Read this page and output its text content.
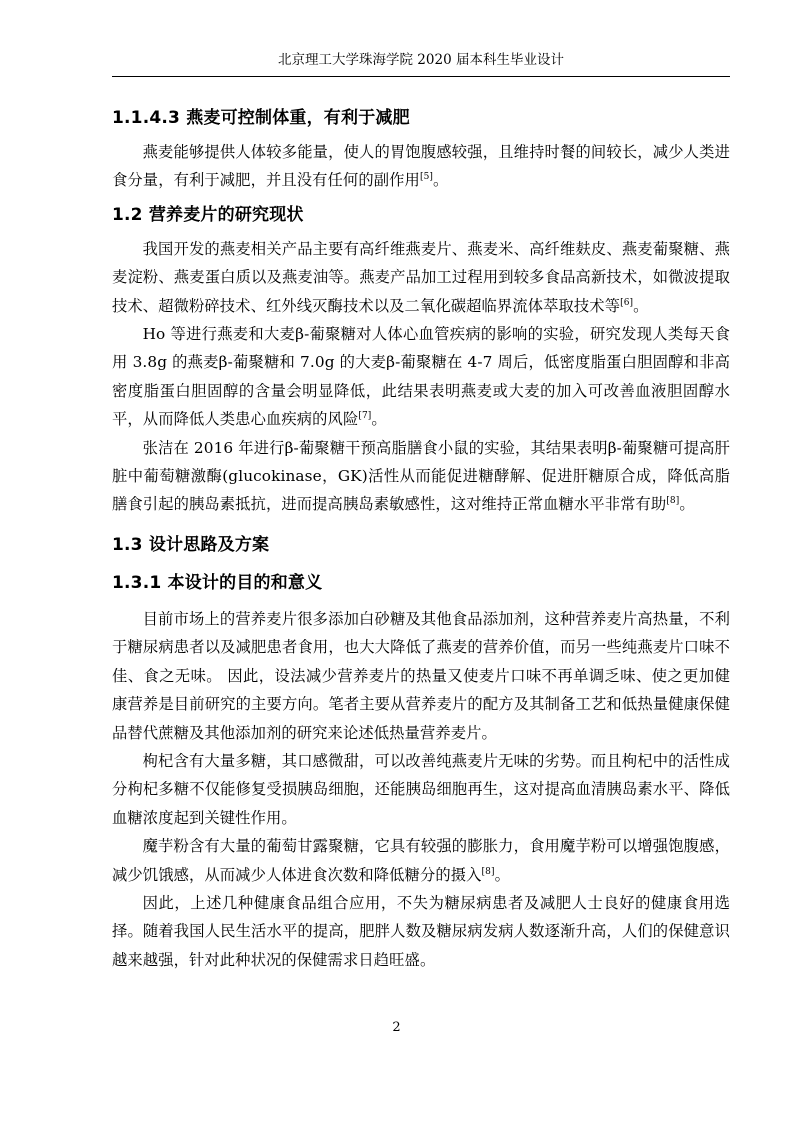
北京理工大学珠海学院 2020 届本科生毕业设计
1.1.4.3 燕麦可控制体重，有利于减肥

燕麦能够提供人体较多能量，使人的胃饱腹感较强，且维持时餐的间较长，减少人类进食分量，有利于减肥，并且没有任何的副作用[5]。

1.2 营养麦片的研究现状

我国开发的燕麦相关产品主要有高纤维燕麦片、燕麦米、高纤维麸皮、燕麦葡聚糖、燕麦淀粉、燕麦蛋白质以及燕麦油等。燕麦产品加工过程用到较多食品高新技术，如微波提取技术、超微粉碎技术、红外线灭酶技术以及二氧化碳超临界流体萃取技术等[6]。

Ho 等进行燕麦和大麦β-葡聚糖对人体心血管疾病的影响的实验，研究发现人类每天食用 3.8g 的燕麦β-葡聚糖和 7.0g 的大麦β-葡聚糖在 4-7 周后，低密度脂蛋白胆固醇和非高密度脂蛋白胆固醇的含量会明显降低，此结果表明燕麦或大麦的加入可改善血液胆固醇水平，从而降低人类患心血疾病的风险[7]。

张洁在 2016 年进行β-葡聚糖干预高脂膳食小鼠的实验，其结果表明β-葡聚糖可提高肝脏中葡萄糖激酶(glucokinase，GK)活性从而能促进糖酵解、促进肝糖原合成，降低高脂膳食引起的胰岛素抵抗，进而提高胰岛素敏感性，这对维持正常血糖水平非常有助[8]。

1.3 设计思路及方案
1.3.1 本设计的目的和意义

目前市场上的营养麦片很多添加白砂糖及其他食品添加剂，这种营养麦片高热量，不利于糖尿病患者以及减肥患者食用，也大大降低了燕麦的营养价值，而另一些纯燕麦片口味不佳、食之无味。 因此，设法减少营养麦片的热量又使麦片口味不再单调乏味、使之更加健康营养是目前研究的主要方向。笔者主要从营养麦片的配方及其制备工艺和低热量健康保健品替代蔗糖及其他添加剂的研究来论述低热量营养麦片。

枸杞含有大量多糖，其口感微甜，可以改善纯燕麦片无味的劣势。而且枸杞中的活性成分枸杞多糖不仅能修复受损胰岛细胞，还能胰岛细胞再生，这对提高血清胰岛素水平、降低血糖浓度起到关键性作用。

魔芋粉含有大量的葡萄甘露聚糖，它具有较强的膨胀力，食用魔芋粉可以增强饱腹感，减少饥饿感，从而减少人体进食次数和降低糖分的摄入[8]。

因此，上述几种健康食品组合应用，不失为糖尿病患者及减肥人士良好的健康食用选择。随着我国人民生活水平的提高，肥胖人数及糖尿病发病人数逐渐升高，人们的保健意识越来越强，针对此种状况的保健需求日趋旺盛。

2
